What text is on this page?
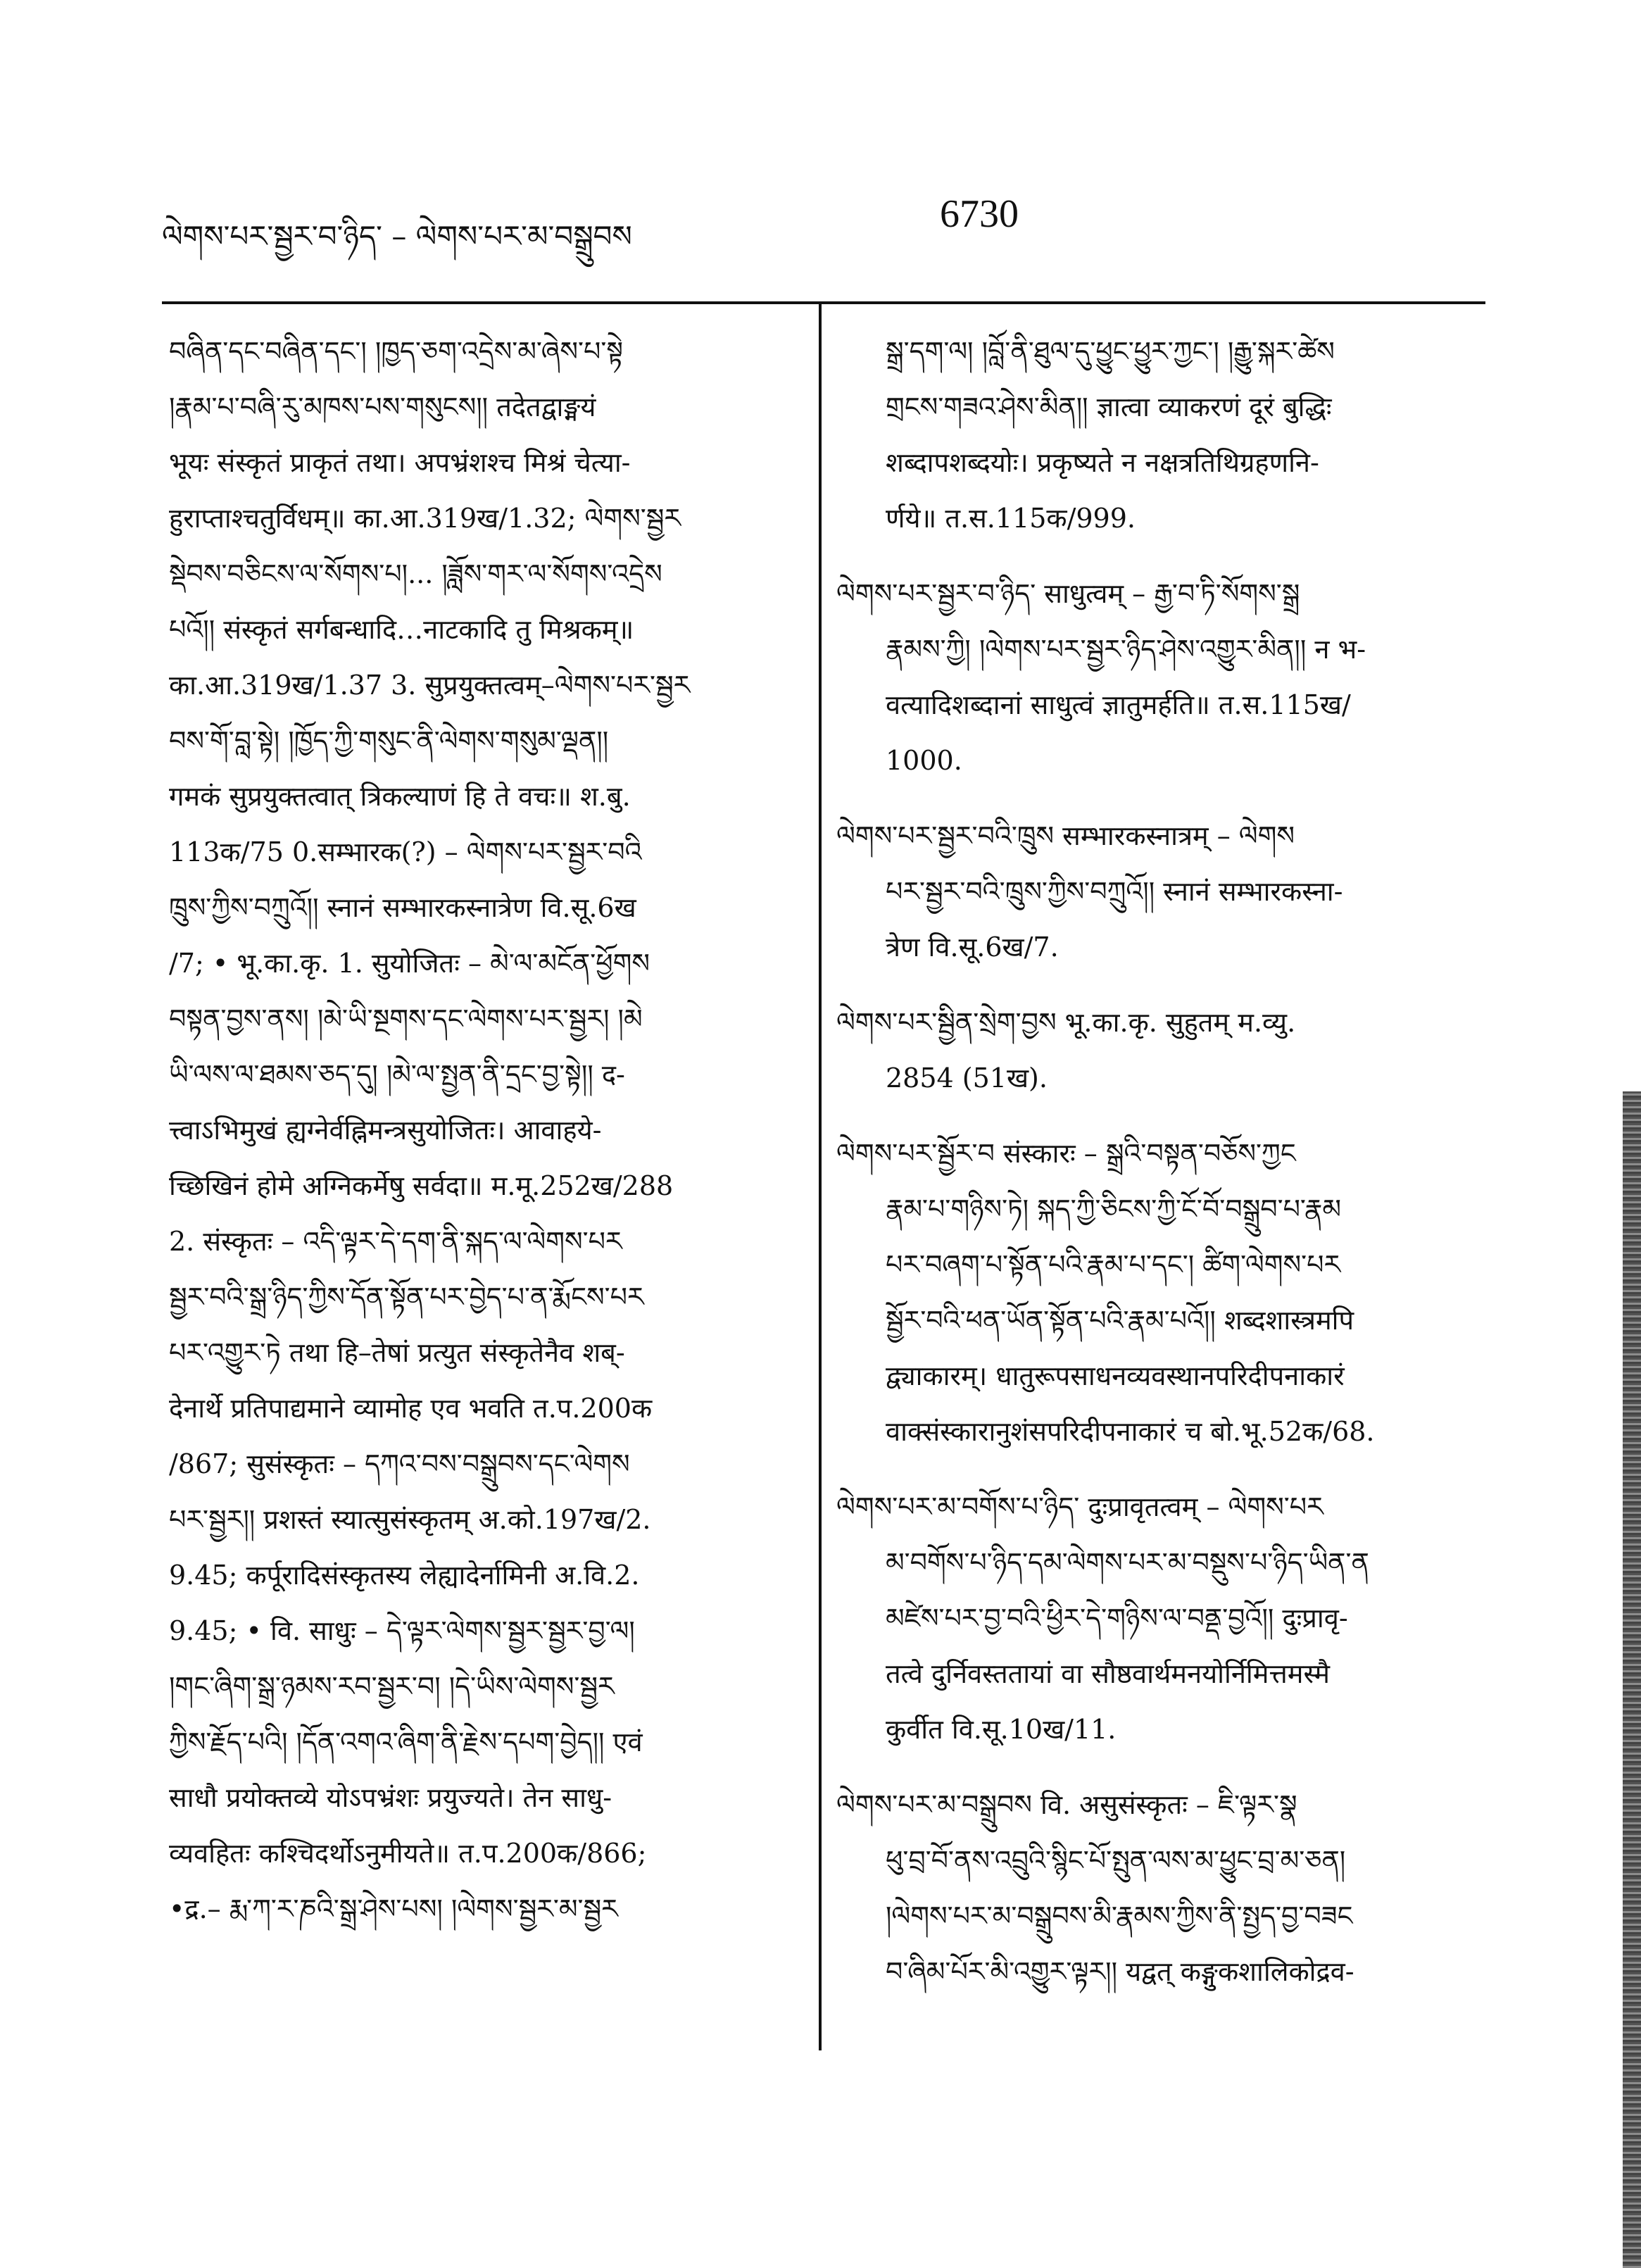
ལེགས་པར་སྦྱར་བ་ཉིད་ – ལེགས་པར་མ་བསྒྲུབས
6730
བཞིན་དང་བཞིན་དང་། །ཁྱད་ཅག་འདྲེས་མ་ཞེས་པ་སྟེ
།རྣམ་པ་བཞི་རུ་མཁས་པས་གསུངས།། तदेतद्वाङ्मयं
भूयः संस्कृतं प्राकृतं तथा। अपभ्रंशश्च मिश्रं चेत्या-
हुराप्ताश्चतुर्विधम्॥ का.आ.319ख/1.32; ལེགས་སྦྱར
སྡེབས་བཅིངས་ལ་སོགས་པ།... །ཟློས་གར་ལ་སོགས་འདྲེས
པའོ།། संस्कृतं सर्गबन्धादि…नाटकादि तु मिश्रकम्॥
का.आ.319ख/1.37 3. सुप्रयुक्तत्वम्–ལེགས་པར་སྦྱར
བས་གོ་བླ་སྟེ། །ཁྱོད་ཀྱི་གསུང་ནི་ལེགས་གསུམ་ལྡན།།
गमकं सुप्रयुक्तत्वात् त्रिकल्याणं हि ते वचः॥ श.बु.
113क/75 0.सम्भारक(?) – ལེགས་པར་སྦྱར་བའི
ཁྲུས་ཀྱིས་བཀྲུའོ།། स्नानं सम्भारकस्नात्रेण वि.सू.6ख
/7; • भू.का.कृ. 1. सुयोजितः – མེ་ལ་མངོན་ཕྱོགས
བསྟན་བྱས་ནས། །མེ་ཡི་སྔགས་དང་ལེགས་པར་སྦྱར། །མེ
ཡི་ལས་ལ་ཐམས་ཅད་དུ། །མེ་ལ་སྤྱན་ནི་དྲང་བྱ་སྟེ།། द-
त्त्वाऽभिमुखं ह्यग्नेर्वह्निमन्त्रसुयोजितः। आवाहये-
च्छिखिनं होमे अग्निकर्मेषु सर्वदा॥ म.मू.252ख/288
2. संस्कृतः – འདི་ལྟར་དེ་དག་ནི་སྐད་ལ་ལེགས་པར
སྦྱར་བའི་སྒྲ་ཉིད་ཀྱིས་དོན་སྟོན་པར་བྱེད་པ་ན་རྨོངས་པར
པར་འགྱུར་ཏེ तथा हि–तेषां प्रत्युत संस्कृतेनैव शब्-
देनार्थे प्रतिपाद्यमाने व्यामोह एव भवति त.प.200क
/867; सुसंस्कृतः – དཀའ་བས་བསྒྲུབས་དང་ལེགས
པར་སྦྱར།། प्रशस्तं स्यात्सुसंस्कृतम् अ.को.197ख/2.
9.45; कर्पूरादिसंस्कृतस्य लेह्यादेर्नामिनी अ.वि.2.
9.45; • वि. साधुः – དེ་ལྟར་ལེགས་སྦྱར་སྦྱར་བྱ་ལ།
།གང་ཞིག་སྒྲ་ཉམས་རབ་སྦྱར་བ། །དེ་ཡིས་ལེགས་སྦྱར
ཀྱིས་རྗོད་པའི། །དོན་འགའ་ཞིག་ནི་རྗེས་དཔག་བྱེད།། एवं
साधौ प्रयोक्तव्ये योऽपभ्रंशः प्रयुज्यते। तेन साधु-
व्यवहितः कश्चिदर्थोऽनुमीयते॥ त.प.200क/866;
•द्र.– རྨ་ཀ་ར་ཎའི་སྒྲ་ཤེས་པས། །ལེགས་སྦྱར་མ་སྦྱར
སྒྲ་དག་ལ། །བློ་ནི་ཐུལ་དུ་ཕྱུང་ཕྱུར་ཀྱང་། །རྒྱུ་སྐར་ཚེས
གྲངས་གཟའ་ཤེས་མིན།། ज्ञात्वा व्याकरणं दूरं बुद्धिः
शब्दापशब्दयोः। प्रकृष्यते न नक्षत्रतिथिग्रहणनि-
र्णये॥ त.स.115क/999.
ལེགས་པར་སྦྱར་བ་ཉིད་ साधुत्वम् – རྒྱ་བ་ཏི་སོགས་སྒྲ
རྣམས་ཀྱི། །ལེགས་པར་སྦྱར་ཉིད་ཤེས་འགྱུར་མིན།། न भ-
वत्यादिशब्दानां साधुत्वं ज्ञातुमर्हति॥ त.स.115ख/
1000.
ལེགས་པར་སྦྱར་བའི་ཁྲུས सम्भारकस्नात्रम् – ལེགས
པར་སྦྱར་བའི་ཁྲུས་ཀྱིས་བཀྲུའོ།། स्नानं सम्भारकस्ना-
त्रेण वि.सू.6ख/7.
ལེགས་པར་སྦྱིན་སྲེག་བྱས भू.का.कृ. सुहुतम् म.व्यु.
2854 (51ख).
ལེགས་པར་སྦྱོར་བ संस्कारः – སྒྲའི་བསྟན་བཅོས་ཀྱང
རྣམ་པ་གཉིས་ཏེ། སྐད་ཀྱི་ཅིངས་ཀྱི་ངོ་བོ་བསྒྲུབ་པ་རྣམ
པར་བཞག་པ་སྟོན་པའི་རྣམ་པ་དང་། ཚིག་ལེགས་པར
སྦྱོར་བའི་ཕན་ཡོན་སྟོན་པའི་རྣམ་པའོ།། शब्दशास्त्रमपि
द्व्याकारम्। धातुरूपसाधनव्यवस्थानपरिदीपनाकारं
वाक्संस्कारानुशंसपरिदीपनाकारं च बो.भू.52क/68.
ལེགས་པར་མ་བགོས་པ་ཉིད་ दुःप्रावृतत्वम् – ལེགས་པར
མ་བགོས་པ་ཉིད་དམ་ལེགས་པར་མ་བསྡུས་པ་ཉིད་ཡིན་ན
མཛེས་པར་བྱ་བའི་ཕྱིར་དེ་གཉིས་ལ་བནྡ་བྱའོ།། दुःप्रावृ-
तत्वे दुर्निवस्ततायां वा सौष्ठवार्थमनयोर्निमित्तमस्मै
कुर्वीत वि.सू.10ख/11.
ལེགས་པར་མ་བསྒྲུབས वि. असुसंस्कृतः – ཇི་ལྟར་སྣ
ཕུ་བྲ་བོ་ནས་འབྲུའི་སྙིང་པོ་སྤུན་ལས་མ་ཕྱུང་བྲ་མ་ཅན།
།ལེགས་པར་མ་བསྒྲུབས་མི་རྣམས་ཀྱིས་ནི་སྤྱད་བྱ་བཟང
བ་ཞིམ་པོར་མི་འགྱུར་ལྟར།། यद्वत् कङ्गुकशालिकोद्रव-
